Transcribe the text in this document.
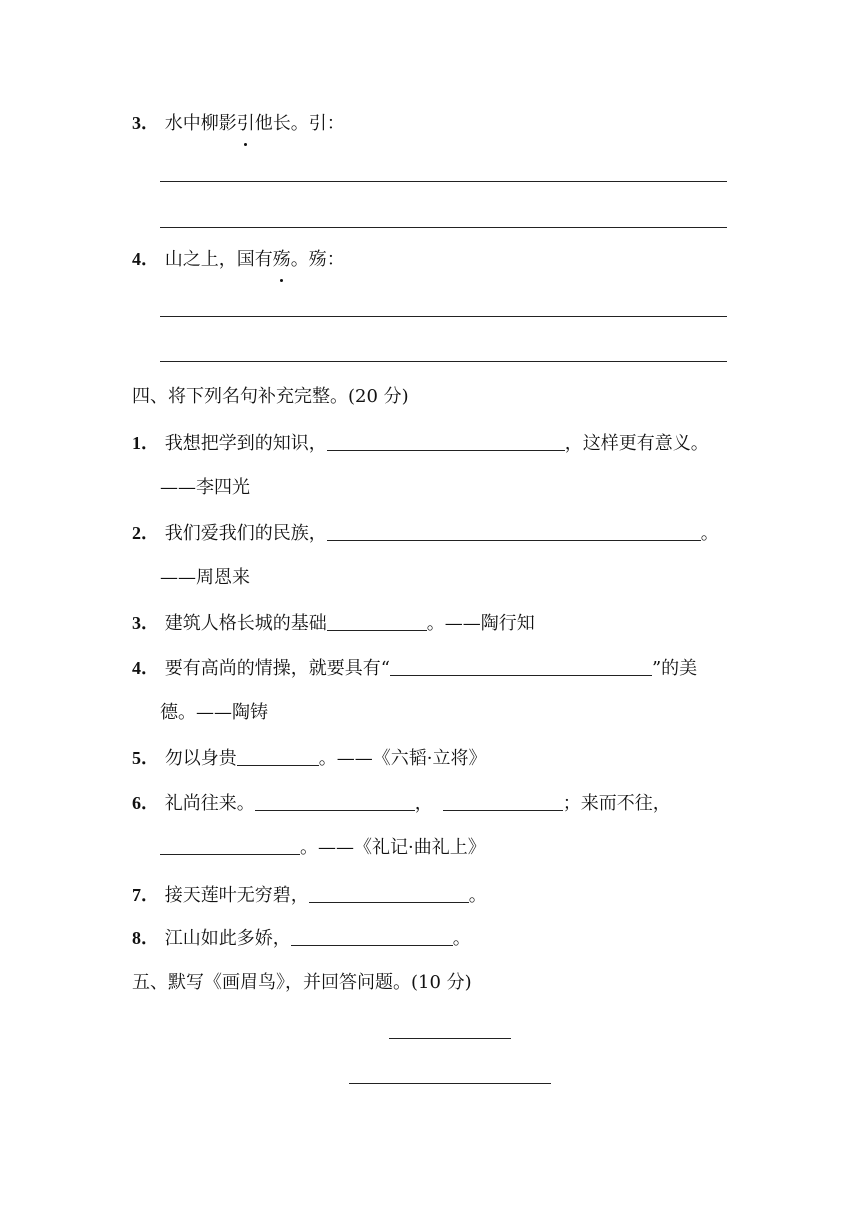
3． 水中柳影引他长。引：
4． 山之上，国有殇。殇：
四、将下列名句补充完整。(20 分)
1． 我想把学到的知识，	，这样更有意义。
——李四光
2． 我们爱我们的民族，	。
——周恩来
3． 建筑人格长城的基础	。——陶行知
4． 要有高尚的情操，就要具有“	”的美
德。——陶铸
5． 勿以身贵	。——《六韬·立将》
6． 礼尚往来。	，	；来而不往，
。——《礼记·曲礼上》
7． 接天莲叶无穷碧，	。
8． 江山如此多娇，	。
五、默写《画眉鸟》，并回答问题。(10 分)
